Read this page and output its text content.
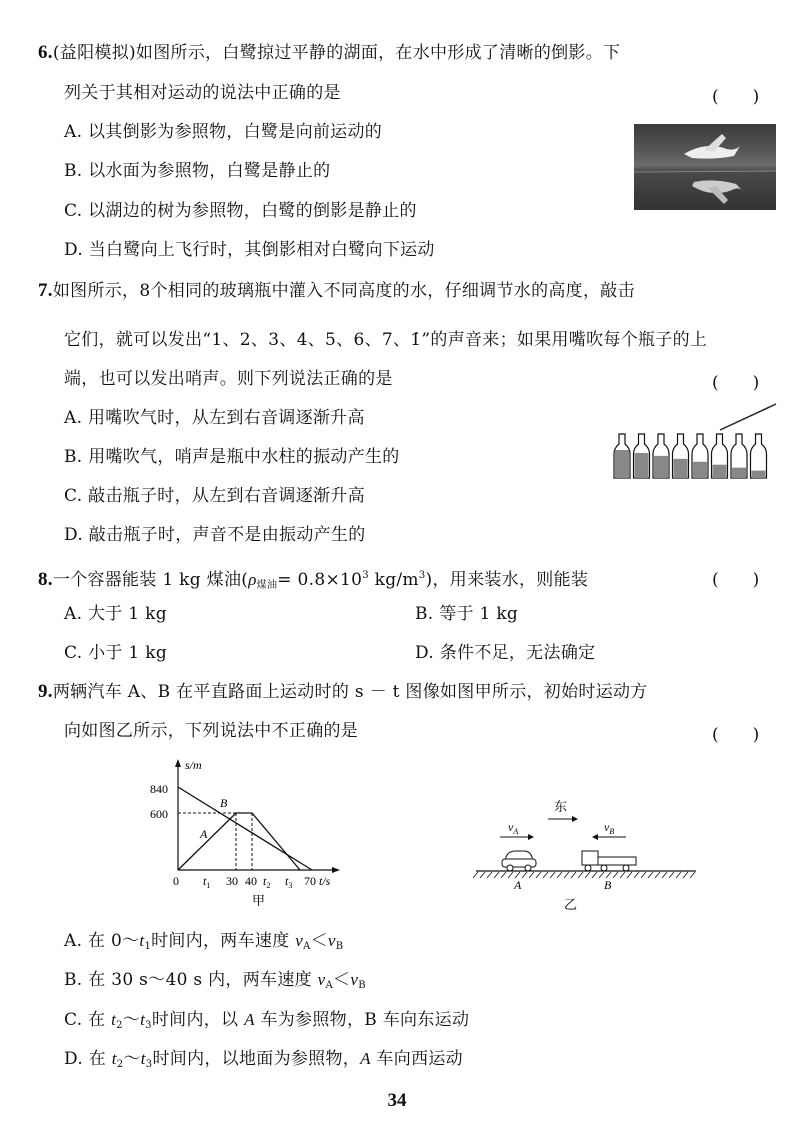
6.(益阳模拟)如图所示，白鹭掠过平静的湖面，在水中形成了清晰的倒影。下
列关于其相对运动的说法中正确的是	(　　)
A. 以其倒影为参照物，白鹭是向前运动的
B. 以水面为参照物，白鹭是静止的
C. 以湖边的树为参照物，白鹭的倒影是静止的
D. 当白鹭向上飞行时，其倒影相对白鹭向下运动
7.如图所示，8个相同的玻璃瓶中灌入不同高度的水，仔细调节水的高度，敲击
它们，就可以发出“1、2、3、4、5、6、7、1̇”的声音来；如果用嘴吹每个瓶子的上
端，也可以发出哨声。则下列说法正确的是	(　　)
A. 用嘴吹气时，从左到右音调逐渐升高
B. 用嘴吹气，哨声是瓶中水柱的振动产生的
C. 敲击瓶子时，从左到右音调逐渐升高
D. 敲击瓶子时，声音不是由振动产生的
8.一个容器能装 1 kg 煤油($\rho_{煤油}= 0.8\times 10^3$ $kg/m^3$)，用来装水，则能装	(　　)
A. 大于 1 kg	B. 等于 1 kg
C. 小于 1 kg	D. 条件不足，无法确定
9.两辆汽车 A、B 在平直路面上运动时的 s － t 图像如图甲所示，初始时运动方
向如图乙所示，下列说法中不正确的是	(　　)
s/m
t/s
840
600
0 $t_1$ 30 40 $t_2$ $t_3$ 70
A
B
甲
东
$v_A$	$v_B$
A	B
乙
A. 在 $0\sim t_1$时间内，两车速度 $v_A<v_B$
B. 在 30 s～40 s 内，两车速度 $v_A<v_B$
C. 在 $t_2\sim t_3$时间内，以 A 车为参照物，B 车向东运动
D. 在 $t_2\sim t_3$时间内，以地面为参照物，A 车向西运动
34
